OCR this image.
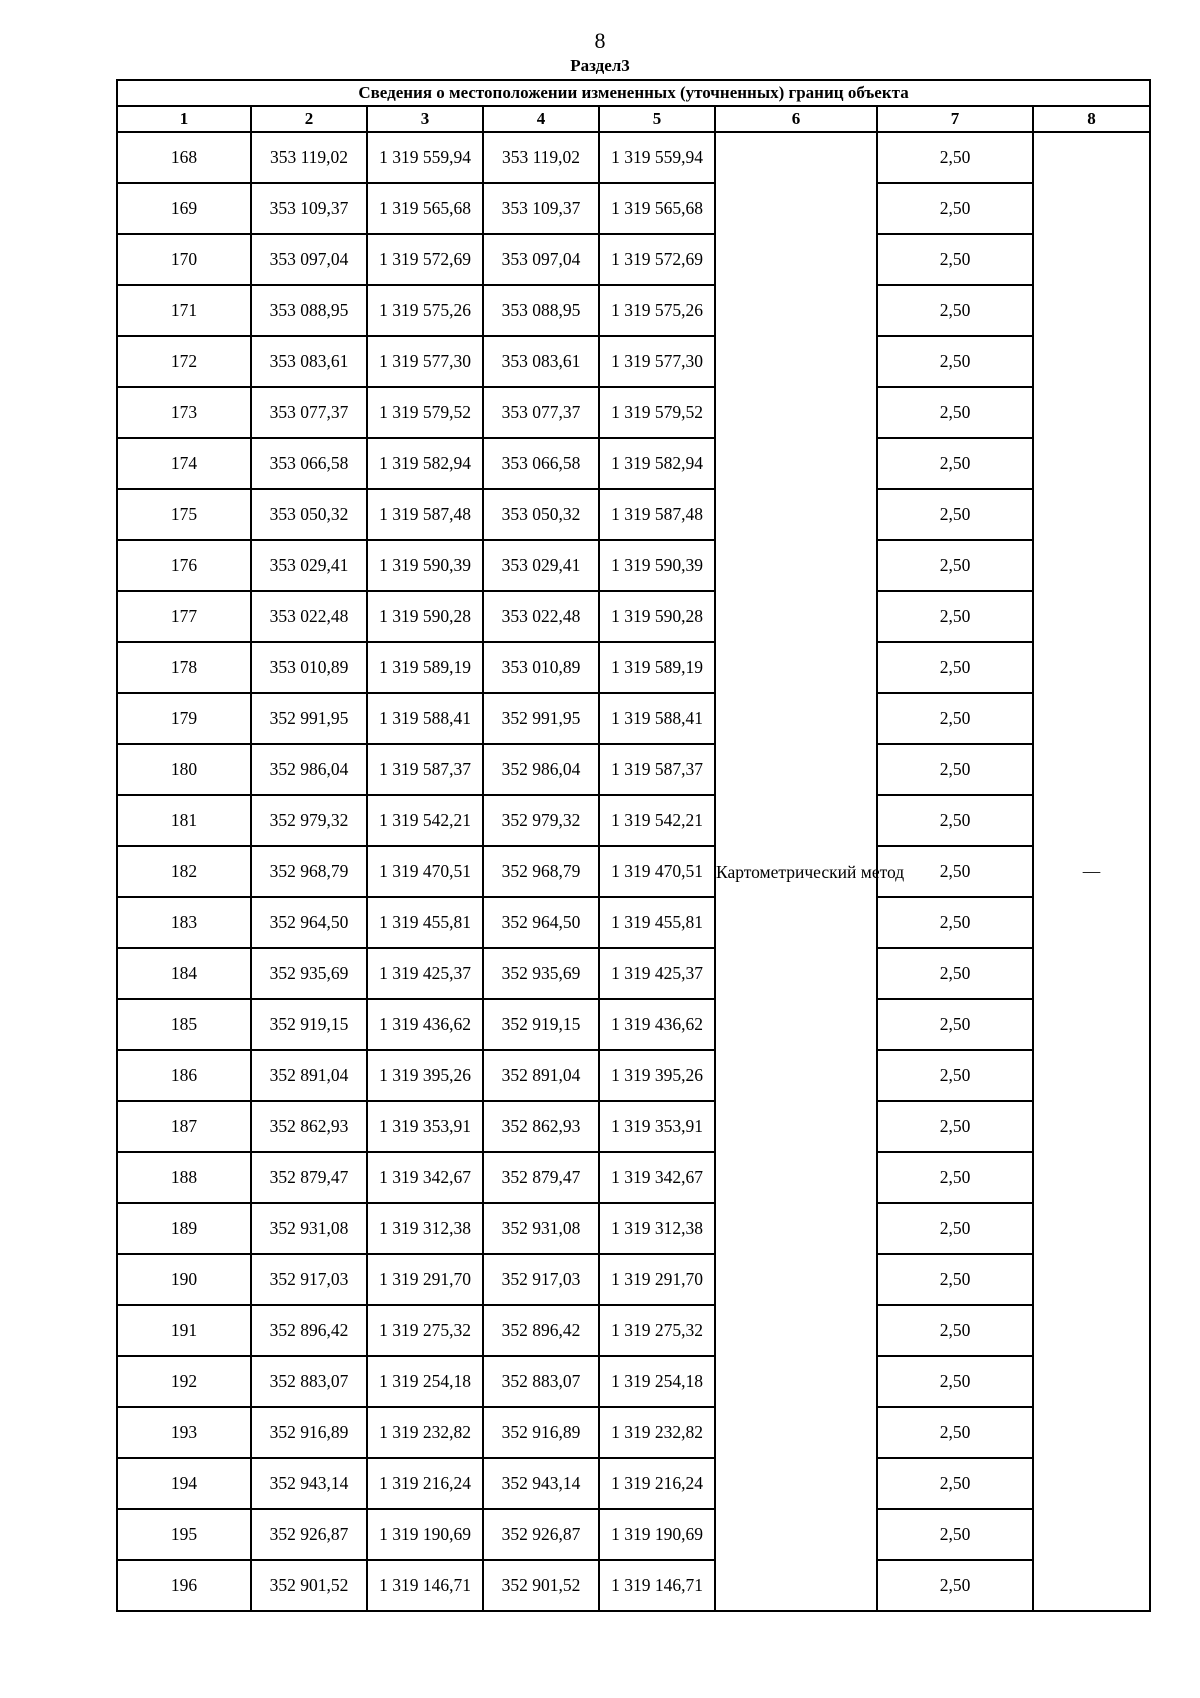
8
Раздел3
Сведения о местоположении измененных (уточненных) границ объекта							
1	2	3	4	5	6	7	8
168	353 119,02	1 319 559,94	353 119,02	1 319 559,94	Картометрический метод	2,50	—
169	353 109,37	1 319 565,68	353 109,37	1 319 565,68		2,50	
170	353 097,04	1 319 572,69	353 097,04	1 319 572,69		2,50	
171	353 088,95	1 319 575,26	353 088,95	1 319 575,26		2,50	
172	353 083,61	1 319 577,30	353 083,61	1 319 577,30		2,50	
173	353 077,37	1 319 579,52	353 077,37	1 319 579,52		2,50	
174	353 066,58	1 319 582,94	353 066,58	1 319 582,94		2,50	
175	353 050,32	1 319 587,48	353 050,32	1 319 587,48		2,50	
176	353 029,41	1 319 590,39	353 029,41	1 319 590,39		2,50	
177	353 022,48	1 319 590,28	353 022,48	1 319 590,28		2,50	
178	353 010,89	1 319 589,19	353 010,89	1 319 589,19		2,50	
179	352 991,95	1 319 588,41	352 991,95	1 319 588,41		2,50	
180	352 986,04	1 319 587,37	352 986,04	1 319 587,37		2,50	
181	352 979,32	1 319 542,21	352 979,32	1 319 542,21		2,50	
182	352 968,79	1 319 470,51	352 968,79	1 319 470,51		2,50	
183	352 964,50	1 319 455,81	352 964,50	1 319 455,81		2,50	
184	352 935,69	1 319 425,37	352 935,69	1 319 425,37		2,50	
185	352 919,15	1 319 436,62	352 919,15	1 319 436,62		2,50	
186	352 891,04	1 319 395,26	352 891,04	1 319 395,26		2,50	
187	352 862,93	1 319 353,91	352 862,93	1 319 353,91		2,50	
188	352 879,47	1 319 342,67	352 879,47	1 319 342,67		2,50	
189	352 931,08	1 319 312,38	352 931,08	1 319 312,38		2,50	
190	352 917,03	1 319 291,70	352 917,03	1 319 291,70		2,50	
191	352 896,42	1 319 275,32	352 896,42	1 319 275,32		2,50	
192	352 883,07	1 319 254,18	352 883,07	1 319 254,18		2,50	
193	352 916,89	1 319 232,82	352 916,89	1 319 232,82		2,50	
194	352 943,14	1 319 216,24	352 943,14	1 319 216,24		2,50	
195	352 926,87	1 319 190,69	352 926,87	1 319 190,69		2,50	
196	352 901,52	1 319 146,71	352 901,52	1 319 146,71		2,50	
